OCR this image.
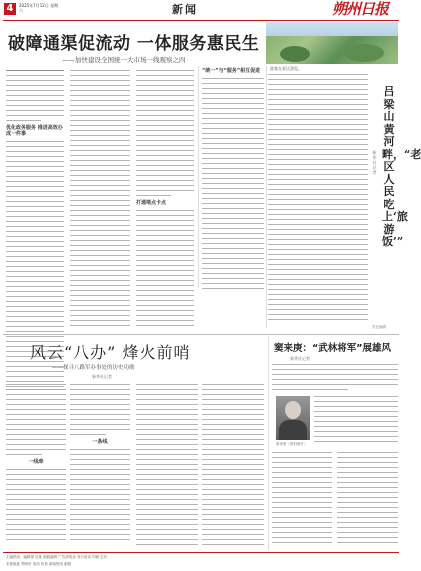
4	2025年7月12日 星期六	新闻	朔州日报
破障通渠促流动 一体服务惠民生
——加快建设全国统一大市场一线观察之四
优化政务服务 推进高效办成一件事
打通堵点卡点
“统一”与“服务”相互促进	游客在景区游览。
吕梁山黄河畔，“老区人民吃上‘旅游饭’”
新华社记者
责任编辑
风云“八办” 烽火前哨
——探寻八路军办事处的历史功勋
新华社记者
一线牵
一条线
窦来庚：“武林将军”展雄风
新华社记者
窦来庚（资料照片）
主编热线：编辑部 社址 邮政编码 广告部电话 发行电话 印刷 定价
本报地址 朔州市 电话 传真 新闻热线 邮箱
